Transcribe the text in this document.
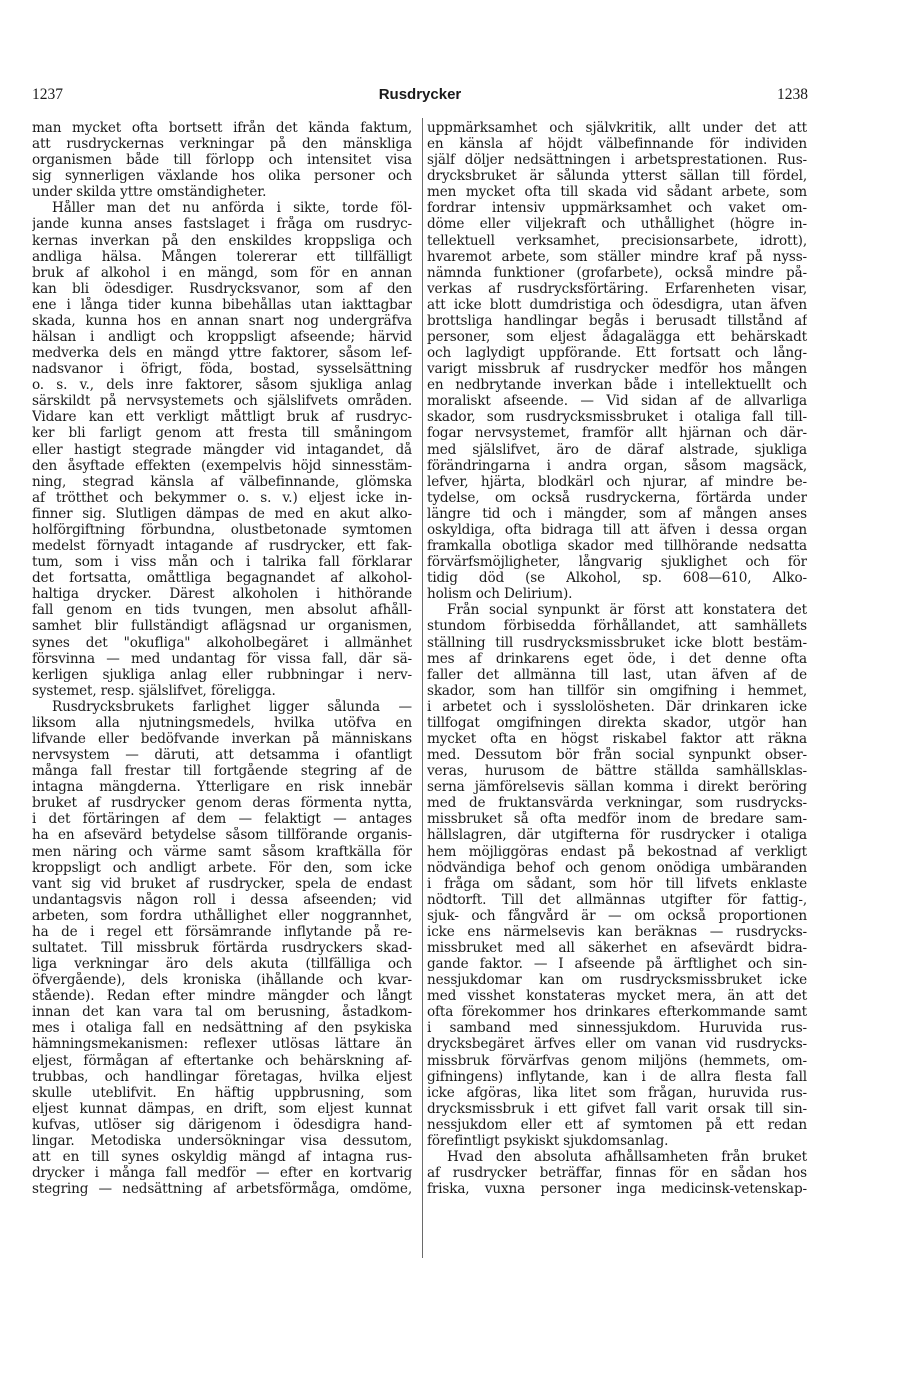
1237	Rusdrycker	1238
man mycket ofta bortsett ifrån det kända faktum,
att rusdryckernas verkningar på den mänskliga
organismen både till förlopp och intensitet visa
sig synnerligen växlande hos olika personer och
under skilda yttre omständigheter.
Håller man det nu anförda i sikte, torde föl-
jande kunna anses fastslaget i fråga om rusdryc-
kernas inverkan på den enskildes kroppsliga och
andliga hälsa. Mången tolererar ett tillfälligt
bruk af alkohol i en mängd, som för en annan
kan bli ödesdiger. Rusdrycksvanor, som af den
ene i långa tider kunna bibehållas utan iakttagbar
skada, kunna hos en annan snart nog undergräfva
hälsan i andligt och kroppsligt afseende; härvid
medverka dels en mängd yttre faktorer, såsom lef-
nadsvanor i öfrigt, föda, bostad, sysselsättning
o. s. v., dels inre faktorer, såsom sjukliga anlag
särskildt på nervsystemets och själslifvets områden.
Vidare kan ett verkligt måttligt bruk af rusdryc-
ker bli farligt genom att fresta till småningom
eller hastigt stegrade mängder vid intagandet, då
den åsyftade effekten (exempelvis höjd sinnesstäm-
ning, stegrad känsla af välbefinnande, glömska
af trötthet och bekymmer o. s. v.) eljest icke in-
finner sig. Slutligen dämpas de med en akut alko-
holförgiftning förbundna, olustbetonade symtomen
medelst förnyadt intagande af rusdrycker, ett fak-
tum, som i viss mån och i talrika fall förklarar
det fortsatta, omåttliga begagnandet af alkohol-
haltiga drycker. Därest alkoholen i hithörande
fall genom en tids tvungen, men absolut afhåll-
samhet blir fullständigt aflägsnad ur organismen,
synes det "okufliga" alkoholbegäret i allmänhet
försvinna — med undantag för vissa fall, där sä-
kerligen sjukliga anlag eller rubbningar i nerv-
systemet, resp. själslifvet, föreligga.
Rusdrycksbrukets farlighet ligger sålunda —
liksom alla njutningsmedels, hvilka utöfva en
lifvande eller bedöfvande inverkan på människans
nervsystem — däruti, att detsamma i ofantligt
många fall frestar till fortgående stegring af de
intagna mängderna. Ytterligare en risk innebär
bruket af rusdrycker genom deras förmenta nytta,
i det förtäringen af dem — felaktigt — antages
ha en afsevärd betydelse såsom tillförande organis-
men näring och värme samt såsom kraftkälla för
kroppsligt och andligt arbete. För den, som icke
vant sig vid bruket af rusdrycker, spela de endast
undantagsvis någon roll i dessa afseenden; vid
arbeten, som fordra uthållighet eller noggrannhet,
ha de i regel ett försämrande inflytande på re-
sultatet. Till missbruk förtärda rusdryckers skad-
liga verkningar äro dels akuta (tillfälliga och
öfvergående), dels kroniska (ihållande och kvar-
stående). Redan efter mindre mängder och långt
innan det kan vara tal om berusning, åstadkom-
mes i otaliga fall en nedsättning af den psykiska
hämningsmekanismen: reflexer utlösas lättare än
eljest, förmågan af eftertanke och behärskning af-
trubbas, och handlingar företagas, hvilka eljest
skulle uteblifvit. En häftig uppbrusning, som
eljest kunnat dämpas, en drift, som eljest kunnat
kufvas, utlöser sig därigenom i ödesdigra hand-
lingar. Metodiska undersökningar visa dessutom,
att en till synes oskyldig mängd af intagna rus-
drycker i många fall medför — efter en kortvarig
stegring — nedsättning af arbetsförmåga, omdöme,
uppmärksamhet och självkritik, allt under det att
en känsla af höjdt välbefinnande för individen
själf döljer nedsättningen i arbetsprestationen. Rus-
drycksbruket är sålunda ytterst sällan till fördel,
men mycket ofta till skada vid sådant arbete, som
fordrar intensiv uppmärksamhet och vaket om-
döme eller viljekraft och uthållighet (högre in-
tellektuell verksamhet, precisionsarbete, idrott),
hvaremot arbete, som ställer mindre kraf på nyss-
nämnda funktioner (grofarbete), också mindre på-
verkas af rusdrycksförtäring. Erfarenheten visar,
att icke blott dumdristiga och ödesdigra, utan äfven
brottsliga handlingar begås i berusadt tillstånd af
personer, som eljest ådagalägga ett behärskadt
och laglydigt uppförande. Ett fortsatt och lång-
varigt missbruk af rusdrycker medför hos mången
en nedbrytande inverkan både i intellektuellt och
moraliskt afseende. — Vid sidan af de allvarliga
skador, som rusdrycksmissbruket i otaliga fall till-
fogar nervsystemet, framför allt hjärnan och där-
med själslifvet, äro de däraf alstrade, sjukliga
förändringarna i andra organ, såsom magsäck,
lefver, hjärta, blodkärl och njurar, af mindre be-
tydelse, om också rusdryckerna, förtärda under
längre tid och i mängder, som af mången anses
oskyldiga, ofta bidraga till att äfven i dessa organ
framkalla obotliga skador med tillhörande nedsatta
förvärfsmöjligheter, långvarig sjuklighet och för
tidig död (se Alkohol, sp. 608—610, Alko-
holism och Delirium).
Från social synpunkt är först att konstatera det
stundom förbisedda förhållandet, att samhällets
ställning till rusdrycksmissbruket icke blott bestäm-
mes af drinkarens eget öde, i det denne ofta
faller det allmänna till last, utan äfven af de
skador, som han tillför sin omgifning i hemmet,
i arbetet och i sysslolösheten. Där drinkaren icke
tillfogat omgifningen direkta skador, utgör han
mycket ofta en högst riskabel faktor att räkna
med. Dessutom bör från social synpunkt obser-
veras, hurusom de bättre ställda samhällsklas-
serna jämförelsevis sällan komma i direkt beröring
med de fruktansvärda verkningar, som rusdrycks-
missbruket så ofta medför inom de bredare sam-
hällslagren, där utgifterna för rusdrycker i otaliga
hem möjliggöras endast på bekostnad af verkligt
nödvändiga behof och genom onödiga umbäranden
i fråga om sådant, som hör till lifvets enklaste
nödtorft. Till det allmännas utgifter för fattig-,
sjuk- och fångvård är — om också proportionen
icke ens närmelsevis kan beräknas — rusdrycks-
missbruket med all säkerhet en afsevärdt bidra-
gande faktor. — I afseende på ärftlighet och sin-
nessjukdomar kan om rusdrycksmissbruket icke
med visshet konstateras mycket mera, än att det
ofta förekommer hos drinkares efterkommande samt
i samband med sinnessjukdom. Huruvida rus-
drycksbegäret ärfves eller om vanan vid rusdrycks-
missbruk förvärfvas genom miljöns (hemmets, om-
gifningens) inflytande, kan i de allra flesta fall
icke afgöras, lika litet som frågan, huruvida rus-
drycksmissbruk i ett gifvet fall varit orsak till sin-
nessjukdom eller ett af symtomen på ett redan
förefintligt psykiskt sjukdomsanlag.
Hvad den absoluta afhållsamheten från bruket
af rusdrycker beträffar, finnas för en sådan hos
friska, vuxna personer inga medicinsk-vetenskap-
